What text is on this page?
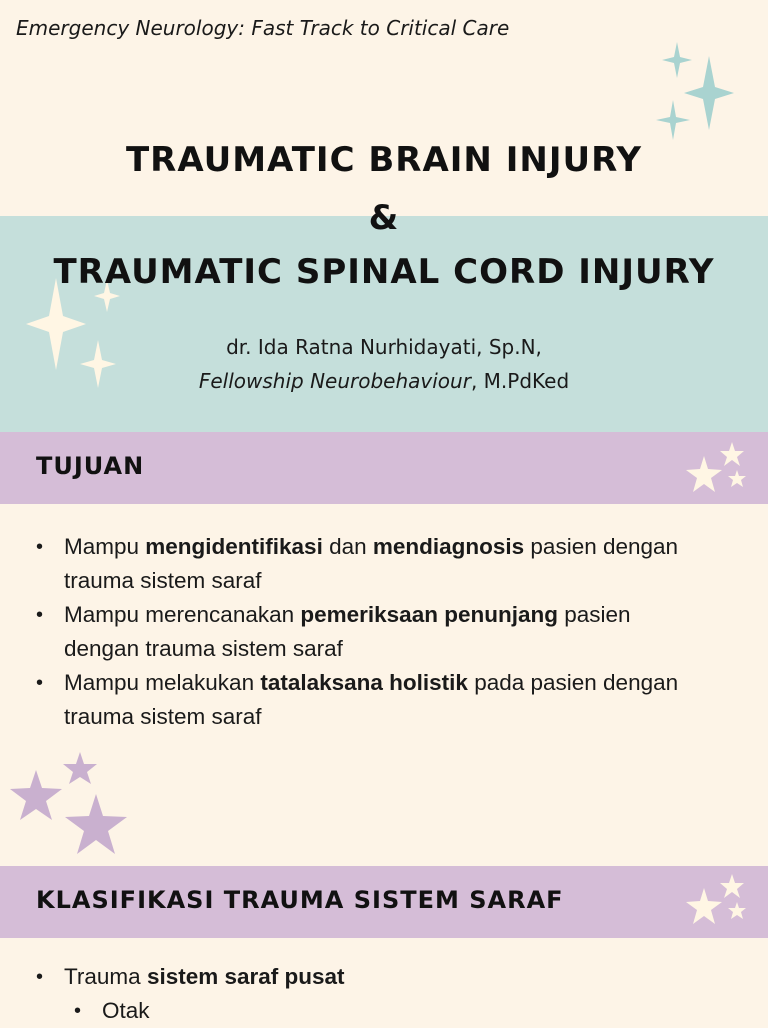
Emergency Neurology: Fast Track to Critical Care
TRAUMATIC BRAIN INJURY
&
TRAUMATIC SPINAL CORD INJURY
dr. Ida Ratna Nurhidayati, Sp.N,
Fellowship Neurobehaviour, M.PdKed
TUJUAN
• Mampu mengidentifikasi dan mendiagnosis pasien dengan trauma sistem saraf
• Mampu merencanakan pemeriksaan penunjang pasien dengan trauma sistem saraf
• Mampu melakukan tatalaksana holistik pada pasien dengan trauma sistem saraf
KLASIFIKASI TRAUMA SISTEM SARAF
• Trauma sistem saraf pusat
• Otak
